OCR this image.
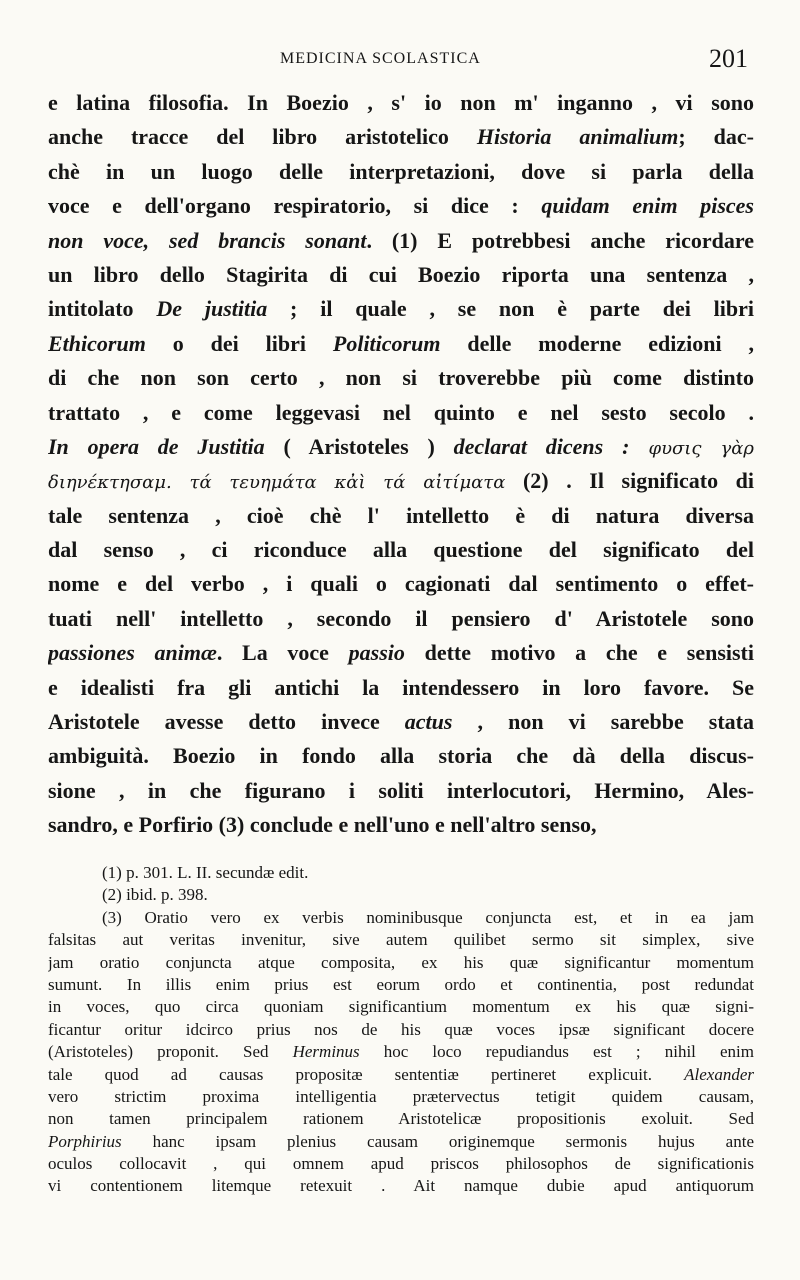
MEDICINA SCOLASTICA	201
e latina filosofia. In Boezio , s' io non m' inganno , vi sono
anche tracce del libro aristotelico Historia animalium; dac-
chè in un luogo delle interpretazioni, dove si parla della
voce e dell'organo respiratorio, si dice : quidam enim pisces
non voce, sed brancis sonant. (1) E potrebbesi anche ricordare
un libro dello Stagirita di cui Boezio riporta una sentenza ,
intitolato De justitia ; il quale , se non è parte dei libri
Ethicorum o dei libri Politicorum delle moderne edizioni ,
di che non son certo , non si troverebbe più come distinto
trattato , e come leggevasi nel quinto e nel sesto secolo .
In opera de Justitia ( Aristoteles ) declarat dicens : φυσις γὰρ
διηνέκτησαμ. τά τευημάτα κἀὶ τά αἰτίματα (2) . Il significato di
tale sentenza , cioè chè l' intelletto è di natura diversa
dal senso , ci riconduce alla questione del significato del
nome e del verbo , i quali o cagionati dal sentimento o effet-
tuati nell' intelletto , secondo il pensiero d' Aristotele sono
passiones animæ. La voce passio dette motivo a che e sensisti
e idealisti fra gli antichi la intendessero in loro favore. Se
Aristotele avesse detto invece actus , non vi sarebbe stata
ambiguità. Boezio in fondo alla storia che dà della discus-
sione , in che figurano i soliti interlocutori, Hermino, Ales-
sandro, e Porfirio (3) conclude e nell'uno e nell'altro senso,
(1) p. 301. L. II. secundæ edit.
(2) ibid. p. 398.
(3) Oratio vero ex verbis nominibusque conjuncta est, et in ea jam
falsitas aut veritas invenitur, sive autem quilibet sermo sit simplex, sive
jam oratio conjuncta atque composita, ex his quæ significantur momentum
sumunt. In illis enim prius est eorum ordo et continentia, post redundat
in voces, quo circa quoniam significantium momentum ex his quæ signi-
ficantur oritur idcirco prius nos de his quæ voces ipsæ significant docere
(Aristoteles) proponit. Sed Herminus hoc loco repudiandus est ; nihil enim
tale quod ad causas propositæ sententiæ pertineret explicuit. Alexander
vero strictim proxima intelligentia prætervectus tetigit quidem causam,
non tamen principalem rationem Aristotelicæ propositionis exoluit. Sed
Porphirius hanc ipsam plenius causam originemque sermonis hujus ante
oculos collocavit , qui omnem apud priscos philosophos de significationis
vi contentionem litemque retexuit . Ait namque dubie apud antiquorum
